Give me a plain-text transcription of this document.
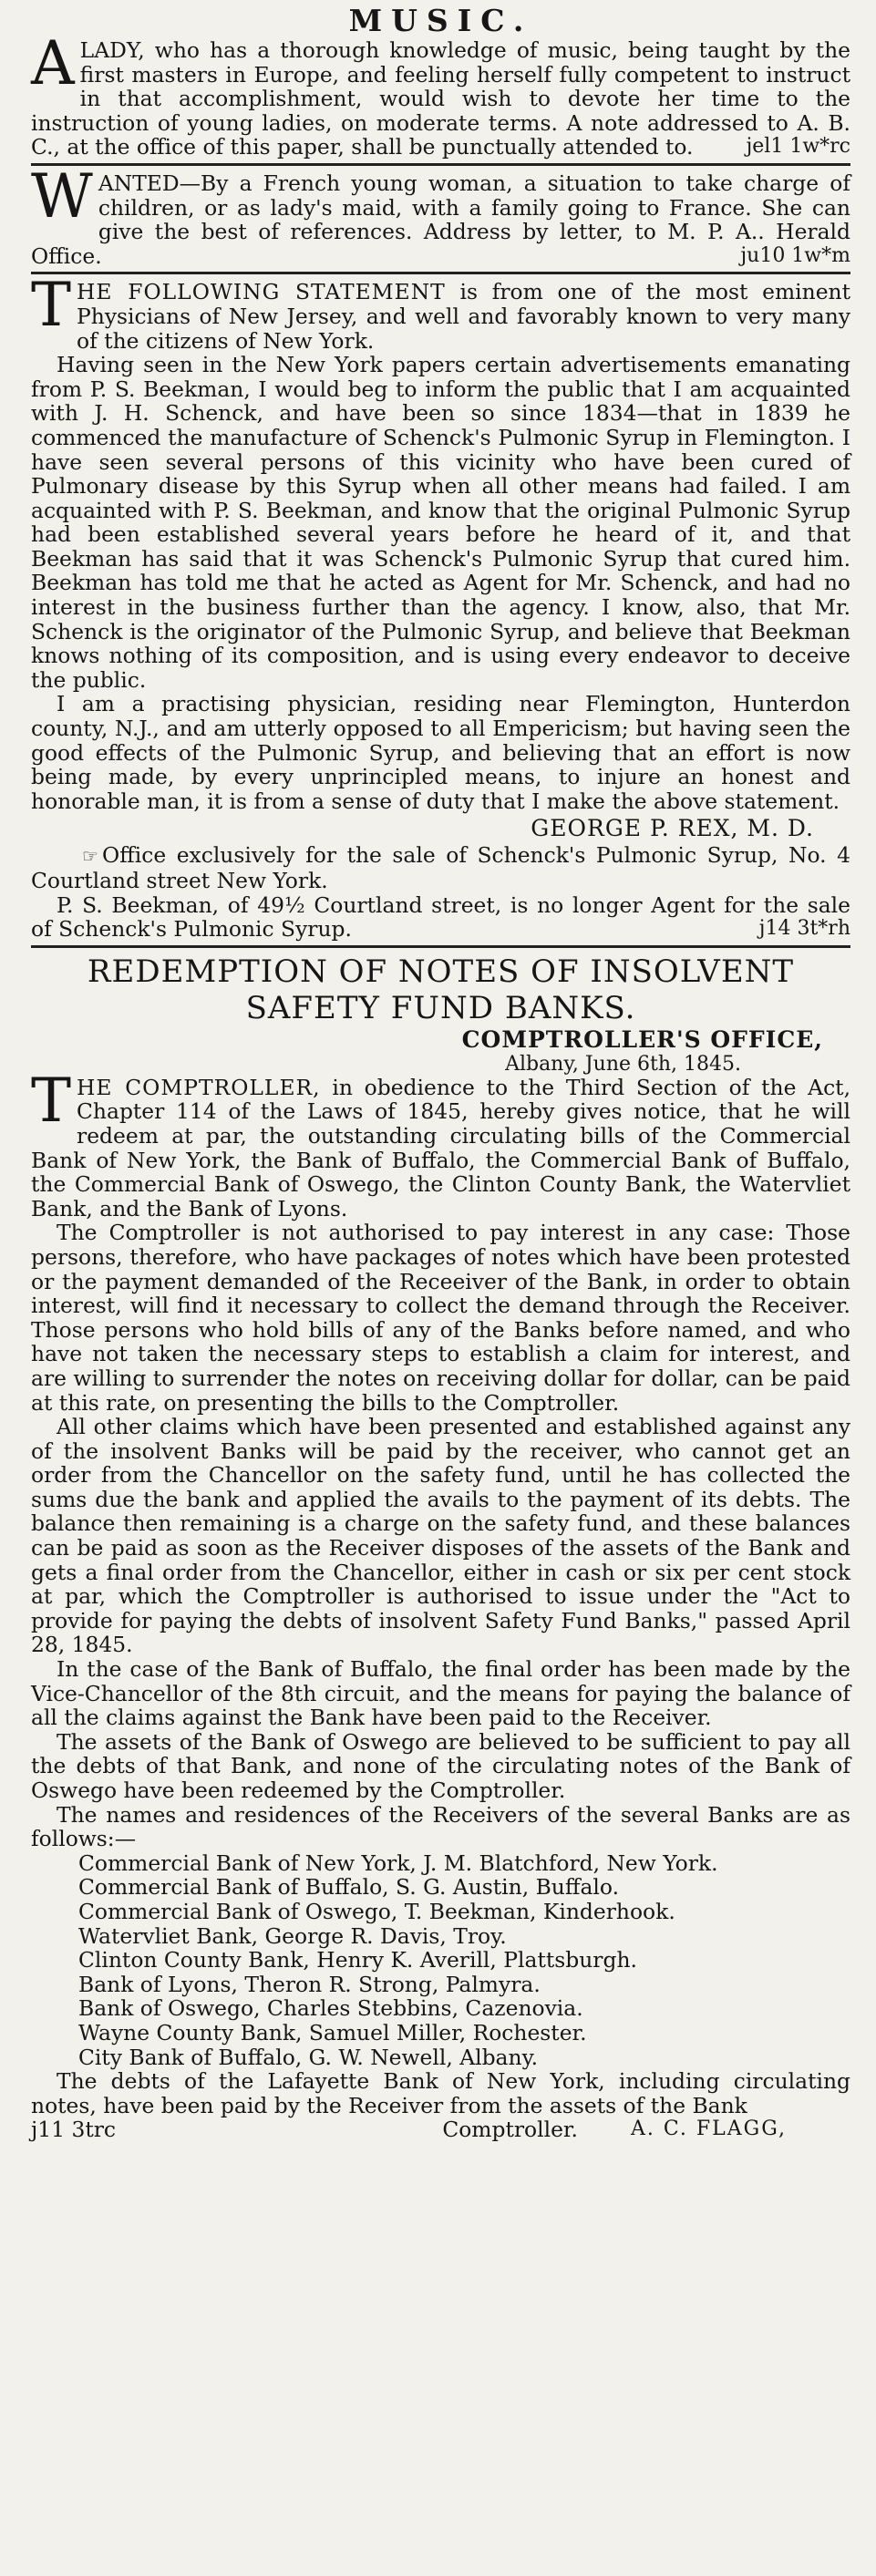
MUSIC.

A LADY, who has a thorough knowledge of music, being taught by the first masters in Europe, and feeling herself fully competent to instruct in that accomplishment, would wish to devote her time to the instruction of young ladies, on moderate terms. A note addressed to A. B. C., at the office of this paper, shall be punctually attended to.	jel1 1w*rc

W ANTED—By a French young woman, a situation to take charge of children, or as lady's maid, with a family going to France. She can give the best of references. Address by letter, to M. P. A.. Herald Office.	ju10 1w*m

T HE FOLLOWING STATEMENT is from one of the most eminent Physicians of New Jersey, and well and favorably known to very many of the citizens of New York.

Having seen in the New York papers certain advertisements emanating from P. S. Beekman, I would beg to inform the public that I am acquainted with J. H. Schenck, and have been so since 1834—that in 1839 he commenced the manufacture of Schenck's Pulmonic Syrup in Flemington. I have seen several persons of this vicinity who have been cured of Pulmonary disease by this Syrup when all other means had failed. I am acquainted with P. S. Beekman, and know that the original Pulmonic Syrup had been established several years before he heard of it, and that Beekman has said that it was Schenck's Pulmonic Syrup that cured him. Beekman has told me that he acted as Agent for Mr. Schenck, and had no interest in the business further than the agency. I know, also, that Mr. Schenck is the originator of the Pulmonic Syrup, and believe that Beekman knows nothing of its composition, and is using every endeavor to deceive the public.

I am a practising physician, residing near Flemington, Hunterdon county, N.J., and am utterly opposed to all Empericism; but having seen the good effects of the Pulmonic Syrup, and believing that an effort is now being made, by every unprincipled means, to injure an honest and honorable man, it is from a sense of duty that I make the above statement.

GEORGE P. REX, M. D.

☞ Office exclusively for the sale of Schenck's Pulmonic Syrup, No. 4 Courtland street New York.

P. S. Beekman, of 49½ Courtland street, is no longer Agent for the sale of Schenck's Pulmonic Syrup.	j14 3t*rh

REDEMPTION OF NOTES OF INSOLVENT

SAFETY FUND BANKS.

COMPTROLLER'S OFFICE,

Albany, June 6th, 1845.

T HE COMPTROLLER, in obedience to the Third Section of the Act, Chapter 114 of the Laws of 1845, hereby gives notice, that he will redeem at par, the outstanding circulating bills of the Commercial Bank of New York, the Bank of Buffalo, the Commercial Bank of Buffalo, the Commercial Bank of Oswego, the Clinton County Bank, the Watervliet Bank, and the Bank of Lyons.

The Comptroller is not authorised to pay interest in any case: Those persons, therefore, who have packages of notes which have been protested or the payment demanded of the Receeiver of the Bank, in order to obtain interest, will find it necessary to collect the demand through the Receiver. Those persons who hold bills of any of the Banks before named, and who have not taken the necessary steps to establish a claim for interest, and are willing to surrender the notes on receiving dollar for dollar, can be paid at this rate, on presenting the bills to the Comptroller.

All other claims which have been presented and established against any of the insolvent Banks will be paid by the receiver, who cannot get an order from the Chancellor on the safety fund, until he has collected the sums due the bank and applied the avails to the payment of its debts. The balance then remaining is a charge on the safety fund, and these balances can be paid as soon as the Receiver disposes of the assets of the Bank and gets a final order from the Chancellor, either in cash or six per cent stock at par, which the Comptroller is authorised to issue under the "Act to provide for paying the debts of insolvent Safety Fund Banks," passed April 28, 1845.

In the case of the Bank of Buffalo, the final order has been made by the Vice-Chancellor of the 8th circuit, and the means for paying the balance of all the claims against the Bank have been paid to the Receiver.

The assets of the Bank of Oswego are believed to be sufficient to pay all the debts of that Bank, and none of the circulating notes of the Bank of Oswego have been redeemed by the Comptroller.

The names and residences of the Receivers of the several Banks are as follows:—

Commercial Bank of New York, J. M. Blatchford, New York.
Commercial Bank of Buffalo, S. G. Austin, Buffalo.
Commercial Bank of Oswego, T. Beekman, Kinderhook.
Watervliet Bank, George R. Davis, Troy.
Clinton County Bank, Henry K. Averill, Plattsburgh.
Bank of Lyons, Theron R. Strong, Palmyra.
Bank of Oswego, Charles Stebbins, Cazenovia.
Wayne County Bank, Samuel Miller, Rochester.
City Bank of Buffalo, G. W. Newell, Albany.

The debts of the Lafayette Bank of New York, including circulating notes, have been paid by the Receiver from the assets of the Bank
A. C. FLAGG,

j11 3trc	Comptroller.
